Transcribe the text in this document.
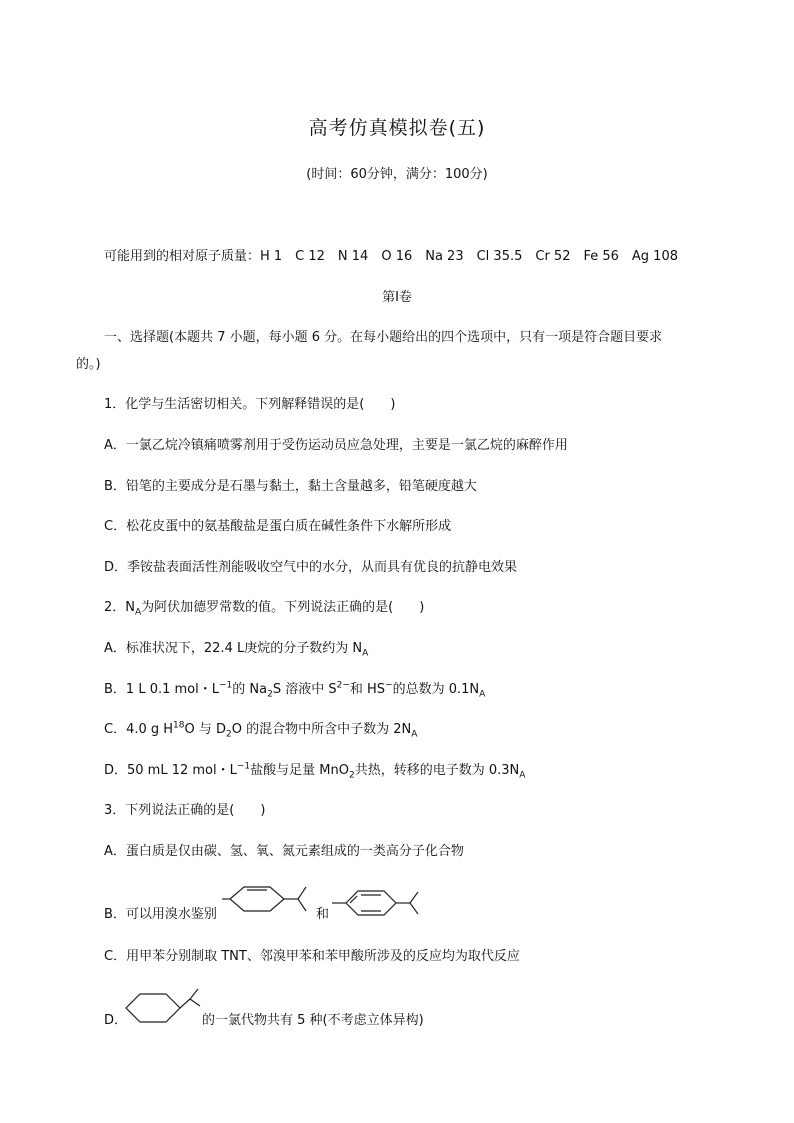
高考仿真模拟卷(五)
(时间：60分钟，满分：100分)
可能用到的相对原子质量：H 1　C 12　N 14　O 16　Na 23　Cl 35.5　Cr 52　Fe 56　Ag 108
第Ⅰ卷
一、选择题(本题共 7 小题，每小题 6 分。在每小题给出的四个选项中，只有一项是符合题目要求
的。)
1．化学与生活密切相关。下列解释错误的是(　　)
A．一氯乙烷冷镇痛喷雾剂用于受伤运动员应急处理，主要是一氯乙烷的麻醉作用
B．铅笔的主要成分是石墨与黏土，黏土含量越多，铅笔硬度越大
C．松花皮蛋中的氨基酸盐是蛋白质在碱性条件下水解所形成
D．季铵盐表面活性剂能吸收空气中的水分，从而具有优良的抗静电效果
2．$N_A$为阿伏加德罗常数的值。下列说法正确的是(　　)
A．标准状况下，22.4 L庚烷的分子数约为 $N_A$
B．1 L 0.1 mol・$L^{-1}$的 $Na_2S$ 溶液中 $S^{2-}$和 HS−的总数为 $0.1N_A$
C．4.0 g $H^{18}O$ 与 $D_2O$ 的混合物中所含中子数为 $2N_A$
D．50 mL 12 mol・$L^{-1}$盐酸与足量 MnO$_2$共热，转移的电子数为 $0.3N_A$
3．下列说法正确的是(　　)
A．蛋白质是仅由碳、氢、氧、氮元素组成的一类高分子化合物
B．可以用溴水鉴别	和
C．用甲苯分别制取 TNT、邻溴甲苯和苯甲酸所涉及的反应均为取代反应
D．	的一氯代物共有 5 种(不考虑立体异构)
